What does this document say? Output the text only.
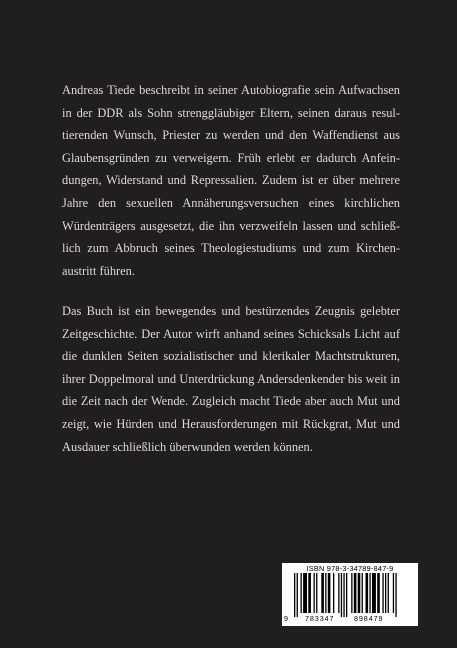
Andreas Tiede beschreibt in seiner Autobiografie sein Aufwachsen in der DDR als Sohn strenggläubiger Eltern, seinen daraus resultierenden Wunsch, Priester zu werden und den Waffendienst aus Glaubensgründen zu verweigern. Früh erlebt er dadurch Anfeindungen, Widerstand und Repressalien. Zudem ist er über mehrere Jahre den sexuellen Annäherungsversuchen eines kirchlichen Würdenträgers ausgesetzt, die ihn verzweifeln lassen und schließlich zum Abbruch seines Theologiestudiums und zum Kirchenaustritt führen.

Das Buch ist ein bewegendes und bestürzendes Zeugnis gelebter Zeitgeschichte. Der Autor wirft anhand seines Schicksals Licht auf die dunklen Seiten sozialistischer und klerikaler Machtstrukturen, ihrer Doppelmoral und Unterdrückung Andersdenkender bis weit in die Zeit nach der Wende. Zugleich macht Tiede aber auch Mut und zeigt, wie Hürden und Herausforderungen mit Rückgrat, Mut und Ausdauer schließlich überwunden werden können.

ISBN 978-3-34789-847-9
9 783347	898479
